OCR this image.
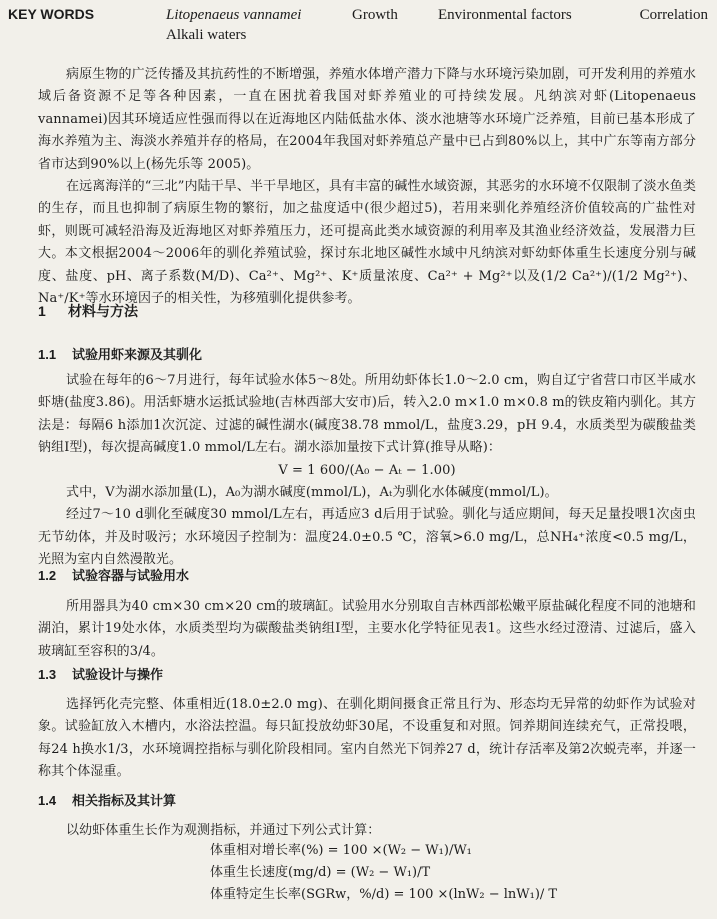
KEY WORDS	Litopenaeus vannamei	Growth	Environmental factors	Correlation
Alkali waters

病原生物的广泛传播及其抗药性的不断增强，养殖水体增产潜力下降与水环境污染加剧，可开发利用的养殖水域后备资源不足等各种因素，一直在困扰着我国对虾养殖业的可持续发展。凡纳滨对虾(Litopenaeus vannamei)因其环境适应性强而得以在近海地区内陆低盐水体、淡水池塘等水环境广泛养殖，目前已基本形成了海水养殖为主、海淡水养殖并存的格局，在2004年我国对虾养殖总产量中已占到80%以上，其中广东等南方部分省市达到90%以上(杨先乐等 2005)。

在远离海洋的“三北”内陆干旱、半干旱地区，具有丰富的碱性水域资源，其恶劣的水环境不仅限制了淡水鱼类的生存，而且也抑制了病原生物的繁衍，加之盐度适中(很少超过5)，若用来驯化养殖经济价值较高的广盐性对虾，则既可减轻沿海及近海地区对虾养殖压力，还可提高此类水域资源的利用率及其渔业经济效益，发展潜力巨大。本文根据2004～2006年的驯化养殖试验，探讨东北地区碱性水域中凡纳滨对虾幼虾体重生长速度分别与碱度、盐度、pH、离子系数(M/D)、Ca²⁺、Mg²⁺、K⁺质量浓度、Ca²⁺ + Mg²⁺以及(1/2 Ca²⁺)/(1/2 Mg²⁺)、Na⁺/K⁺等水环境因子的相关性，为移殖驯化提供参考。

1 材料与方法
1.1 试验用虾来源及其驯化

试验在每年的6～7月进行，每年试验水体5～8处。所用幼虾体长1.0～2.0 cm，购自辽宁省营口市区半咸水虾塘(盐度3.86)。用活虾塘水运抵试验地(吉林西部大安市)后，转入2.0 m×1.0 m×0.8 m的铁皮箱内驯化。其方法是：每隔6 h添加1次沉淀、过滤的碱性湖水(碱度38.78 mmol/L，盐度3.29，pH 9.4，水质类型为碳酸盐类钠组Ⅰ型)，每次提高碱度1.0 mmol/L左右。湖水添加量按下式计算(推导从略)：

V = 1 600/(A₀ − Aₜ − 1.00)

式中，V为湖水添加量(L)，A₀为湖水碱度(mmol/L)，Aₜ为驯化水体碱度(mmol/L)。

经过7～10 d驯化至碱度30 mmol/L左右，再适应3 d后用于试验。驯化与适应期间，每天足量投喂1次卤虫无节幼体，并及时吸污；水环境因子控制为：温度24.0±0.5 ℃，溶氧>6.0 mg/L，总NH₄⁺浓度<0.5 mg/L，光照为室内自然漫散光。

1.2 试验容器与试验用水

所用器具为40 cm×30 cm×20 cm的玻璃缸。试验用水分别取自吉林西部松嫩平原盐碱化程度不同的池塘和湖泊，累计19处水体，水质类型均为碳酸盐类钠组Ⅰ型，主要水化学特征见表1。这些水经过澄清、过滤后，盛入玻璃缸至容积的3/4。

1.3 试验设计与操作

选择钙化壳完整、体重相近(18.0±2.0 mg)、在驯化期间摄食正常且行为、形态均无异常的幼虾作为试验对象。试验缸放入木槽内，水浴法控温。每只缸投放幼虾30尾，不设重复和对照。饲养期间连续充气，正常投喂，每24 h换水1/3，水环境调控指标与驯化阶段相同。室内自然光下饲养27 d，统计存活率及第2次蜕壳率，并逐一称其个体湿重。

1.4 相关指标及其计算

以幼虾体重生长作为观测指标，并通过下列公式计算：

体重相对增长率(%) = 100 ×(W₂ − W₁)/W₁
体重生长速度(mg/d) = (W₂ − W₁)/T
体重特定生长率(SGRw，%/d) = 100 ×(lnW₂ − lnW₁)/ T
